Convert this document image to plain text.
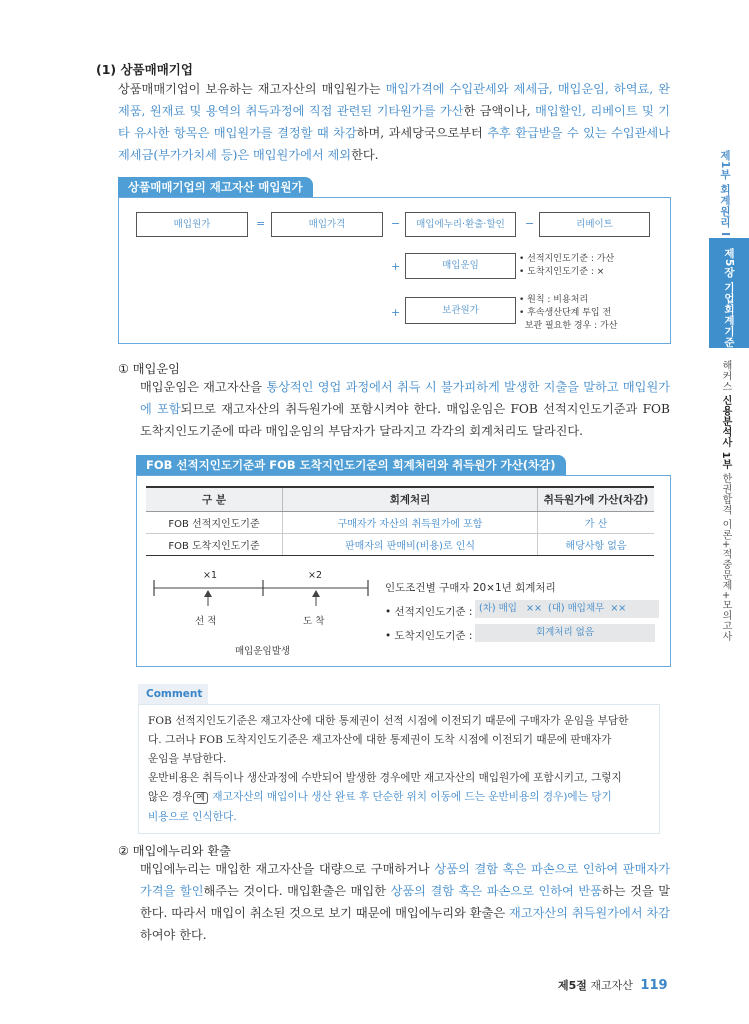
(1) 상품매매기업
상품매매기업이 보유하는 재고자산의 매입원가는 매입가격에 수입관세와 제세금, 매입운임, 하역료, 완제품, 원재료 및 용역의 취득과정에 직접 관련된 기타원가를 가산한 금액이나, 매입할인, 리베이트 및 기타 유사한 항목은 매입원가를 결정할 때 차감하며, 과세당국으로부터 추후 환급받을 수 있는 수입관세나 제세금(부가가치세 등)은 매입원가에서 제외한다.
상품매매기업의 재고자산 매입원가
매입원가	=	매입가격	−	매입에누리·환출·할인	−	리베이트
+	매입운임
• 선적지인도기준 : 가산
• 도착지인도기준 : ×
+	보관원가
• 원칙 : 비용처리
• 후속생산단계 투입 전
보관 필요한 경우 : 가산
① 매입운임
매입운임은 재고자산을 통상적인 영업 과정에서 취득 시 불가피하게 발생한 지출을 말하고 매입원가에 포함되므로 재고자산의 취득원가에 포함시켜야 한다. 매입운임은 FOB 선적지인도기준과 FOB 도착지인도기준에 따라 매입운임의 부담자가 달라지고 각각의 회계처리도 달라진다.
FOB 선적지인도기준과 FOB 도착지인도기준의 회계처리와 취득원가 가산(차감)
구 분	회계처리	취득원가에 가산(차감)
FOB 선적지인도기준	구매자가 자산의 취득원가에 포함	가 산
FOB 도착지인도기준	판매자의 판매비(비용)로 인식	해당사항 없음
×1	×2
선 적	도 착
매입운임발생
인도조건별 구매자 20×1년 회계처리
• 선적지인도기준 : (차) 매입   ××  (대) 매입채무  ××
• 도착지인도기준 :	회계처리 없음
Comment
FOB 선적지인도기준은 재고자산에 대한 통제권이 선적 시점에 이전되기 때문에 구매자가 운임을 부담한
다. 그러나 FOB 도착지인도기준은 재고자산에 대한 통제권이 도착 시점에 이전되기 때문에 판매자가
운임을 부담한다.
운반비용은 취득이나 생산과정에 수반되어 발생한 경우에만 재고자산의 매입원가에 포함시키고, 그렇지
않은 경우 예 재고자산의 매입이나 생산 완료 후 단순한 위치 이동에 드는 운반비용의 경우)에는 당기
비용으로 인식한다.
② 매입에누리와 환출
매입에누리는 매입한 재고자산을 대량으로 구매하거나 상품의 결함 혹은 파손으로 인하여 판매자가 가격을 할인해주는 것이다. 매입환출은 매입한 상품의 결함 혹은 파손으로 인하여 반품하는 것을 말한다. 따라서 매입이 취소된 것으로 보기 때문에 매입에누리와 환출은 재고자산의 취득원가에서 차감하여야 한다.
제5절 재고자산 119
제1부 회계원리 I
제5장 기업회계기준
해커스 신용분석사 1부 한권합격 이론+적중문제+모의고사
